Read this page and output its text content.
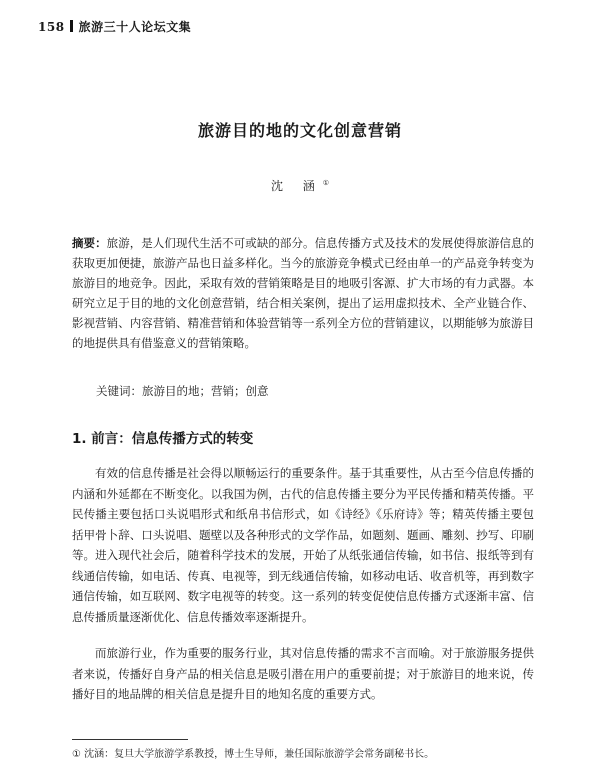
158 旅游三十人论坛文集
旅游目的地的文化创意营销
沈 涵①
摘要：旅游，是人们现代生活不可或缺的部分。信息传播方式及技术的发展使得旅游信息的获取更加便捷，旅游产品也日益多样化。当今的旅游竞争模式已经由单一的产品竞争转变为旅游目的地竞争。因此，采取有效的营销策略是目的地吸引客源、扩大市场的有力武器。本研究立足于目的地的文化创意营销，结合相关案例，提出了运用虚拟技术、全产业链合作、影视营销、内容营销、精准营销和体验营销等一系列全方位的营销建议，以期能够为旅游目的地提供具有借鉴意义的营销策略。
关键词：旅游目的地；营销；创意
1. 前言：信息传播方式的转变
有效的信息传播是社会得以顺畅运行的重要条件。基于其重要性，从古至今信息传播的内涵和外延都在不断变化。以我国为例，古代的信息传播主要分为平民传播和精英传播。平民传播主要包括口头说唱形式和纸帛书信形式，如《诗经》《乐府诗》等；精英传播主要包括甲骨卜辞、口头说唱、题壁以及各种形式的文学作品，如题刻、题画、雕刻、抄写、印刷等。进入现代社会后，随着科学技术的发展，开始了从纸张通信传输，如书信、报纸等到有线通信传输，如电话、传真、电视等，到无线通信传输，如移动电话、收音机等，再到数字通信传输，如互联网、数字电视等的转变。这一系列的转变促使信息传播方式逐渐丰富、信息传播质量逐渐优化、信息传播效率逐渐提升。
而旅游行业，作为重要的服务行业，其对信息传播的需求不言而喻。对于旅游服务提供者来说，传播好自身产品的相关信息是吸引潜在用户的重要前提；对于旅游目的地来说，传播好目的地品牌的相关信息是提升目的地知名度的重要方式。
① 沈涵：复旦大学旅游学系教授，博士生导师，兼任国际旅游学会常务副秘书长。
